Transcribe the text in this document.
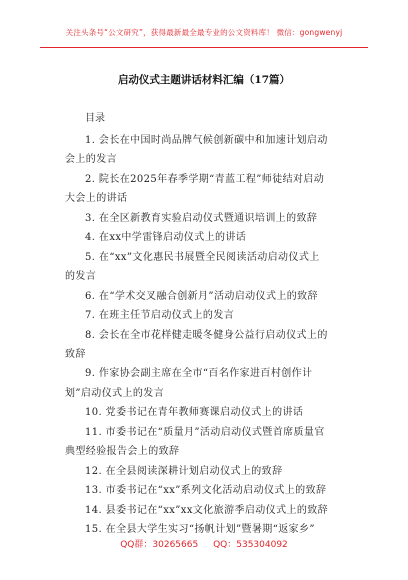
关注头条号“公文研究”，获得最新最全最专业的公文资料库！ 微信：gongwenyj
启动仪式主题讲话材料汇编（17篇）
目录
1. 会长在中国时尚品牌气候创新碳中和加速计划启动
会上的发言
2. 院长在2025年春季学期“青蓝工程”师徒结对启动
大会上的讲话
3. 在全区新教育实验启动仪式暨通识培训上的致辞
4. 在xx中学雷锋启动仪式上的讲话
5. 在“xx”文化惠民书展暨全民阅读活动启动仪式上
的发言
6. 在“学术交叉融合创新月”活动启动仪式上的致辞
7. 在班主任节启动仪式上的发言
8. 会长在全市花样健走暖冬健身公益行启动仪式上的
致辞
9. 作家协会副主席在全市“百名作家进百村创作计
划”启动仪式上的发言
10. 党委书记在青年教师赛课启动仪式上的讲话
11. 市委书记在“质量月”活动启动仪式暨首席质量官
典型经验报告会上的致辞
12. 在全县阅读深耕计划启动仪式上的致辞
13. 市委书记在“xx”系列文化活动启动仪式上的致辞
14. 县委书记在“xx”xx文化旅游季启动仪式上的致辞
15. 在全县大学生实习“扬帆计划”暨暑期“返家乡”
QQ群：30265665 QQ：535304092
